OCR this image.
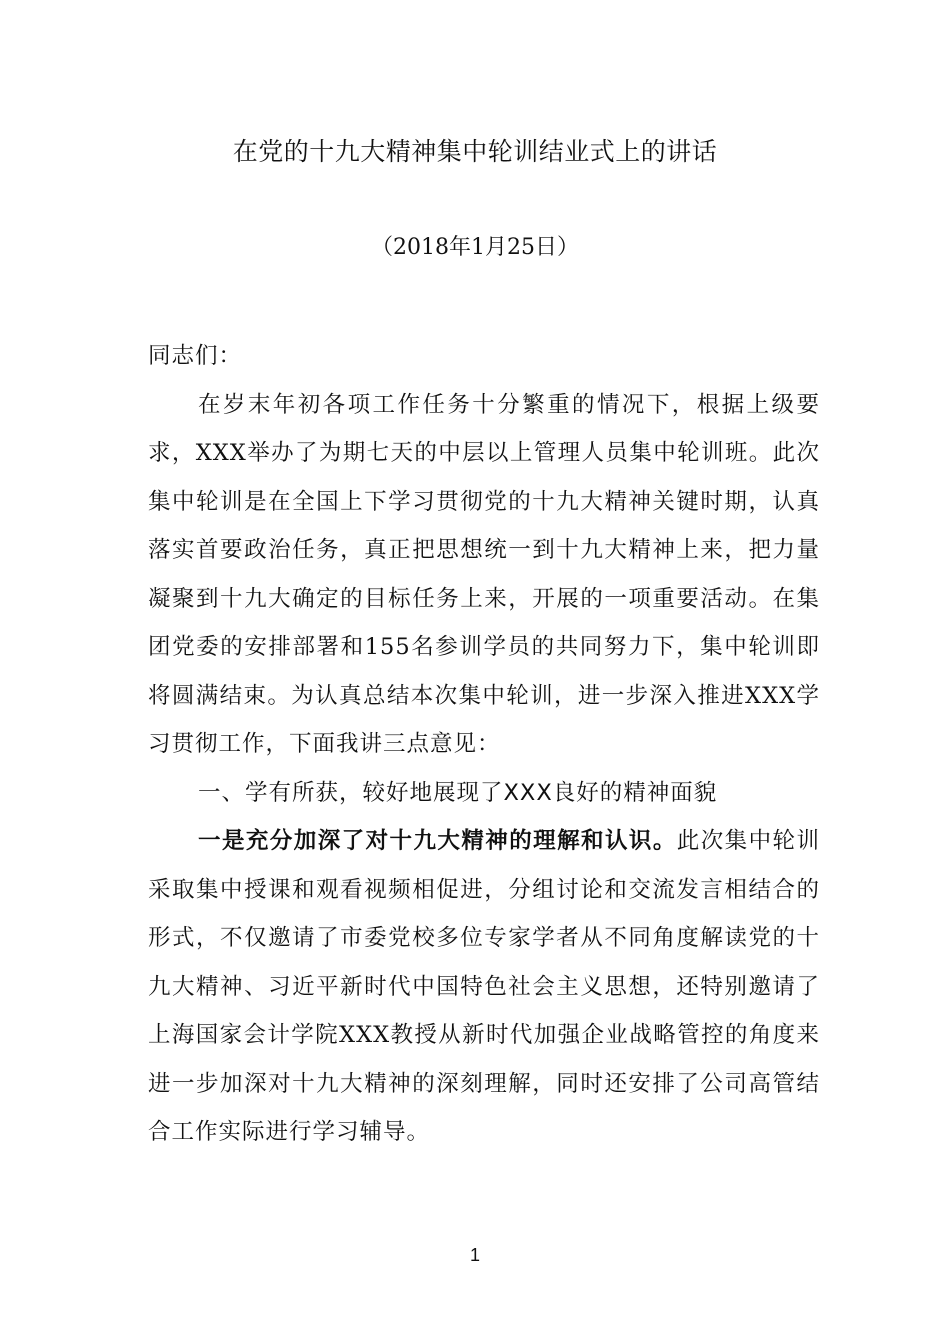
在党的十九大精神集中轮训结业式上的讲话
（2018年1月25日）

同志们：

在岁末年初各项工作任务十分繁重的情况下，根据上级要求，XXX举办了为期七天的中层以上管理人员集中轮训班。此次集中轮训是在全国上下学习贯彻党的十九大精神关键时期，认真落实首要政治任务，真正把思想统一到十九大精神上来，把力量凝聚到十九大确定的目标任务上来，开展的一项重要活动。在集团党委的安排部署和155名参训学员的共同努力下，集中轮训即将圆满结束。为认真总结本次集中轮训，进一步深入推进XXX学习贯彻工作，下面我讲三点意见：

一、学有所获，较好地展现了XXX良好的精神面貌

一是充分加深了对十九大精神的理解和认识。此次集中轮训采取集中授课和观看视频相促进，分组讨论和交流发言相结合的形式，不仅邀请了市委党校多位专家学者从不同角度解读党的十九大精神、习近平新时代中国特色社会主义思想，还特别邀请了上海国家会计学院XXX教授从新时代加强企业战略管控的角度来进一步加深对十九大精神的深刻理解，同时还安排了公司高管结合工作实际进行学习辅导。

1
